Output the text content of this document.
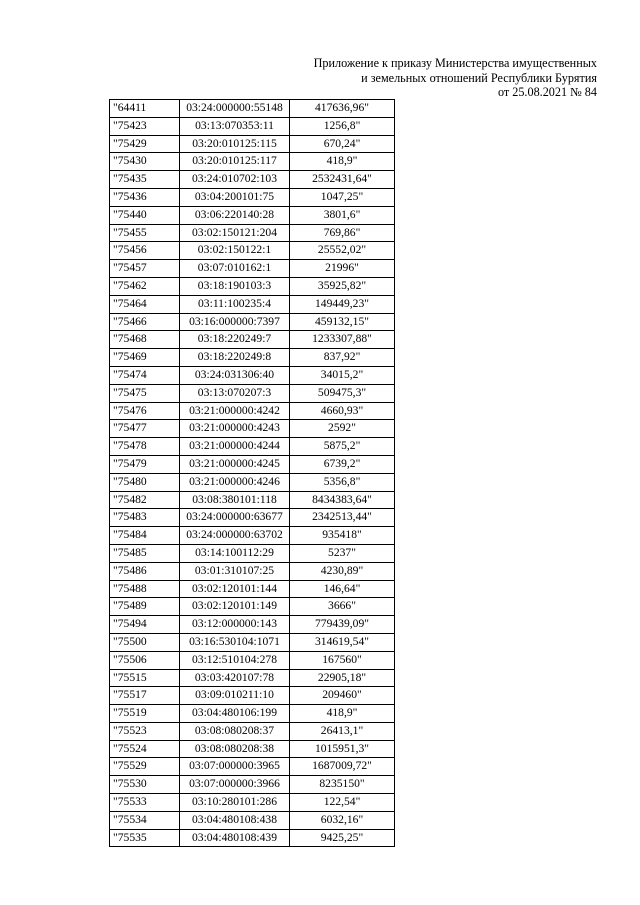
Приложение к приказу Министерства имущественных
и земельных отношений Республики Бурятия
от 25.08.2021 № 84
"64411	03:24:000000:55148	417636,96"
"75423	03:13:070353:11	1256,8"
"75429	03:20:010125:115	670,24"
"75430	03:20:010125:117	418,9"
"75435	03:24:010702:103	2532431,64"
"75436	03:04:200101:75	1047,25"
"75440	03:06:220140:28	3801,6"
"75455	03:02:150121:204	769,86"
"75456	03:02:150122:1	25552,02"
"75457	03:07:010162:1	21996"
"75462	03:18:190103:3	35925,82"
"75464	03:11:100235:4	149449,23"
"75466	03:16:000000:7397	459132,15"
"75468	03:18:220249:7	1233307,88"
"75469	03:18:220249:8	837,92"
"75474	03:24:031306:40	34015,2"
"75475	03:13:070207:3	509475,3"
"75476	03:21:000000:4242	4660,93"
"75477	03:21:000000:4243	2592"
"75478	03:21:000000:4244	5875,2"
"75479	03:21:000000:4245	6739,2"
"75480	03:21:000000:4246	5356,8"
"75482	03:08:380101:118	8434383,64"
"75483	03:24:000000:63677	2342513,44"
"75484	03:24:000000:63702	935418"
"75485	03:14:100112:29	5237"
"75486	03:01:310107:25	4230,89"
"75488	03:02:120101:144	146,64"
"75489	03:02:120101:149	3666"
"75494	03:12:000000:143	779439,09"
"75500	03:16:530104:1071	314619,54"
"75506	03:12:510104:278	167560"
"75515	03:03:420107:78	22905,18"
"75517	03:09:010211:10	209460"
"75519	03:04:480106:199	418,9"
"75523	03:08:080208:37	26413,1"
"75524	03:08:080208:38	1015951,3"
"75529	03:07:000000:3965	1687009,72"
"75530	03:07:000000:3966	8235150"
"75533	03:10:280101:286	122,54"
"75534	03:04:480108:438	6032,16"
"75535	03:04:480108:439	9425,25"
